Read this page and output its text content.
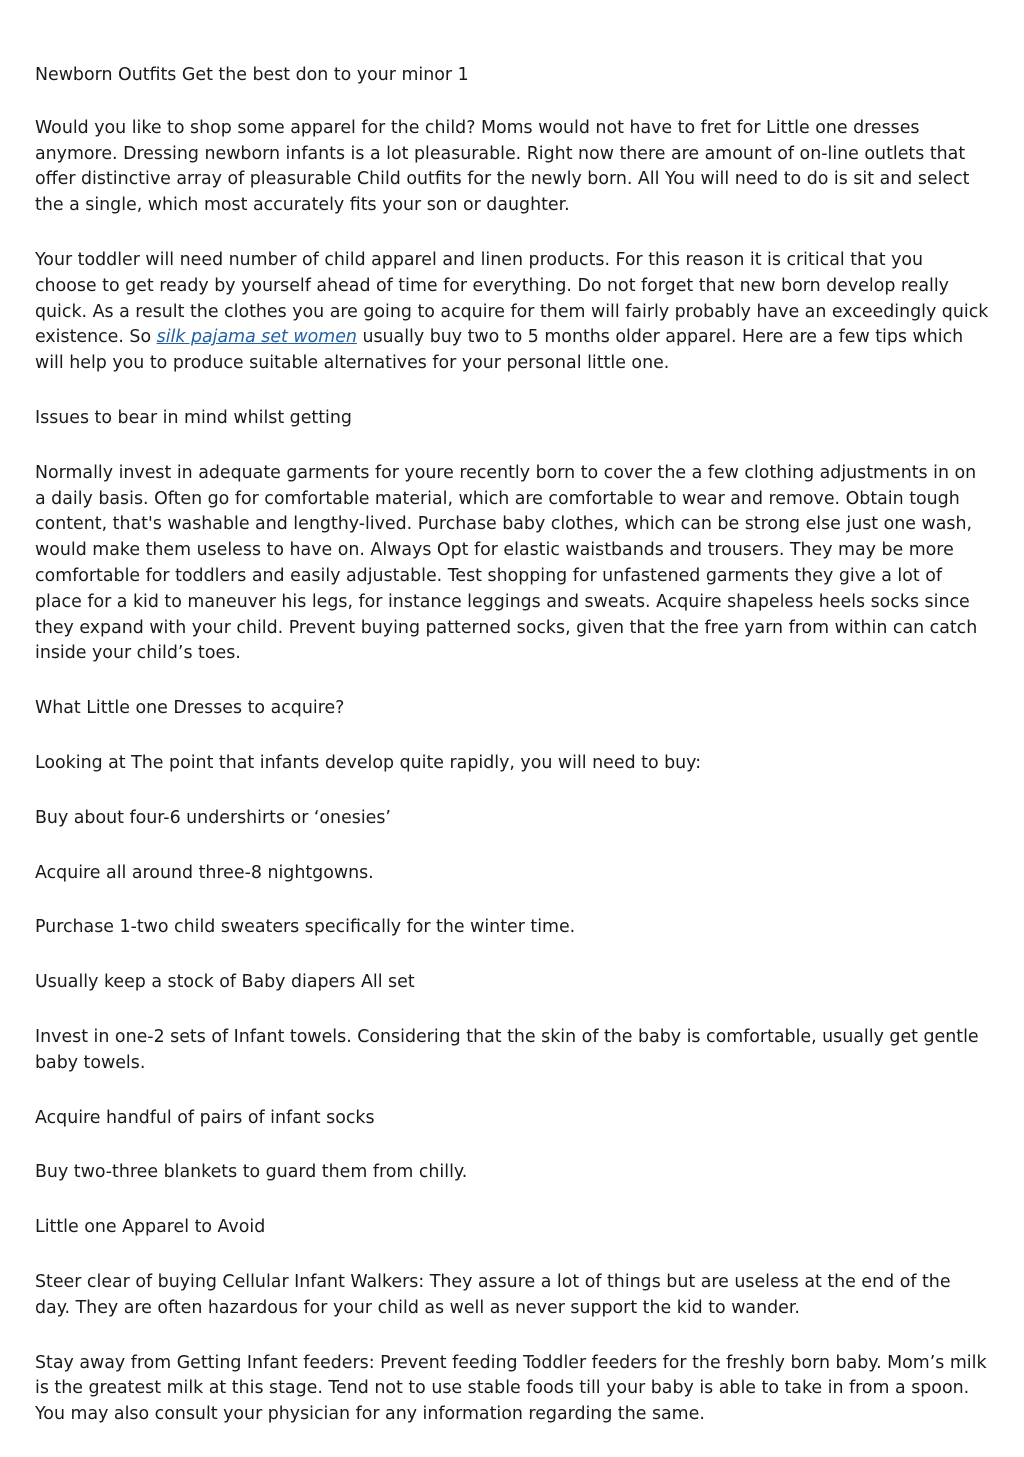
Newborn Outfits Get the best don to your minor 1

Would you like to shop some apparel for the child? Moms would not have to fret for Little one dresses anymore. Dressing newborn infants is a lot pleasurable. Right now there are amount of on-line outlets that offer distinctive array of pleasurable Child outfits for the newly born. All You will need to do is sit and select the a single, which most accurately fits your son or daughter.

Your toddler will need number of child apparel and linen products. For this reason it is critical that you choose to get ready by yourself ahead of time for everything. Do not forget that new born develop really quick. As a result the clothes you are going to acquire for them will fairly probably have an exceedingly quick existence. So silk pajama set women usually buy two to 5 months older apparel. Here are a few tips which will help you to produce suitable alternatives for your personal little one.

Issues to bear in mind whilst getting

Normally invest in adequate garments for youre recently born to cover the a few clothing adjustments in on a daily basis. Often go for comfortable material, which are comfortable to wear and remove. Obtain tough content, that's washable and lengthy-lived. Purchase baby clothes, which can be strong else just one wash, would make them useless to have on. Always Opt for elastic waistbands and trousers. They may be more comfortable for toddlers and easily adjustable. Test shopping for unfastened garments they give a lot of place for a kid to maneuver his legs, for instance leggings and sweats. Acquire shapeless heels socks since they expand with your child. Prevent buying patterned socks, given that the free yarn from within can catch inside your child’s toes.

What Little one Dresses to acquire?

Looking at The point that infants develop quite rapidly, you will need to buy:

Buy about four-6 undershirts or ‘onesies’

Acquire all around three-8 nightgowns.

Purchase 1-two child sweaters specifically for the winter time.

Usually keep a stock of Baby diapers All set

Invest in one-2 sets of Infant towels. Considering that the skin of the baby is comfortable, usually get gentle baby towels.

Acquire handful of pairs of infant socks

Buy two-three blankets to guard them from chilly.

Little one Apparel to Avoid

Steer clear of buying Cellular Infant Walkers: They assure a lot of things but are useless at the end of the day. They are often hazardous for your child as well as never support the kid to wander.

Stay away from Getting Infant feeders: Prevent feeding Toddler feeders for the freshly born baby. Mom’s milk is the greatest milk at this stage. Tend not to use stable foods till your baby is able to take in from a spoon. You may also consult your physician for any information regarding the same.
